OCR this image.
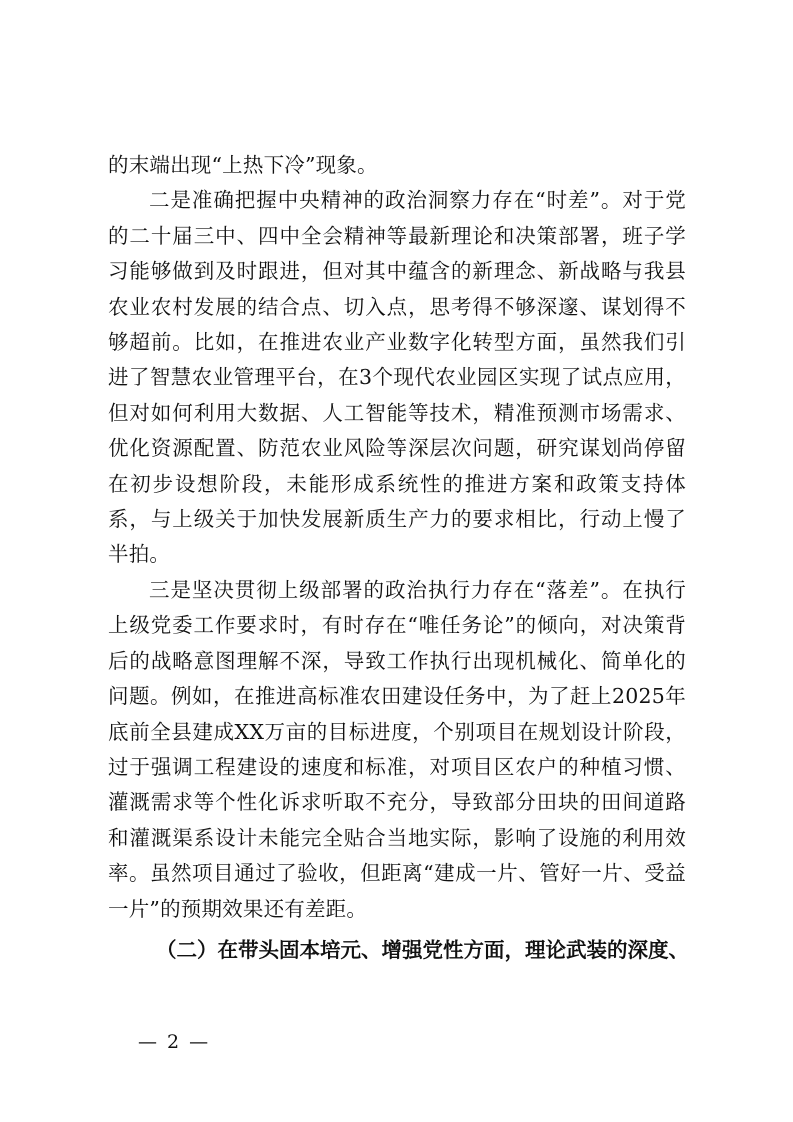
的末端出现“上热下冷”现象。

二是准确把握中央精神的政治洞察力存在“时差”。对于党的二十届三中、四中全会精神等最新理论和决策部署，班子学习能够做到及时跟进，但对其中蕴含的新理念、新战略与我县农业农村发展的结合点、切入点，思考得不够深邃、谋划得不够超前。比如，在推进农业产业数字化转型方面，虽然我们引进了智慧农业管理平台，在3个现代农业园区实现了试点应用，但对如何利用大数据、人工智能等技术，精准预测市场需求、优化资源配置、防范农业风险等深层次问题，研究谋划尚停留在初步设想阶段，未能形成系统性的推进方案和政策支持体系，与上级关于加快发展新质生产力的要求相比，行动上慢了半拍。

三是坚决贯彻上级部署的政治执行力存在“落差”。在执行上级党委工作要求时，有时存在“唯任务论”的倾向，对决策背后的战略意图理解不深，导致工作执行出现机械化、简单化的问题。例如，在推进高标准农田建设任务中，为了赶上2025年底前全县建成XX万亩的目标进度，个别项目在规划设计阶段，过于强调工程建设的速度和标准，对项目区农户的种植习惯、灌溉需求等个性化诉求听取不充分，导致部分田块的田间道路和灌溉渠系设计未能完全贴合当地实际，影响了设施的利用效率。虽然项目通过了验收，但距离“建成一片、管好一片、受益一片”的预期效果还有差距。

（二）在带头固本培元、增强党性方面，理论武装的深度、

— 2 —
